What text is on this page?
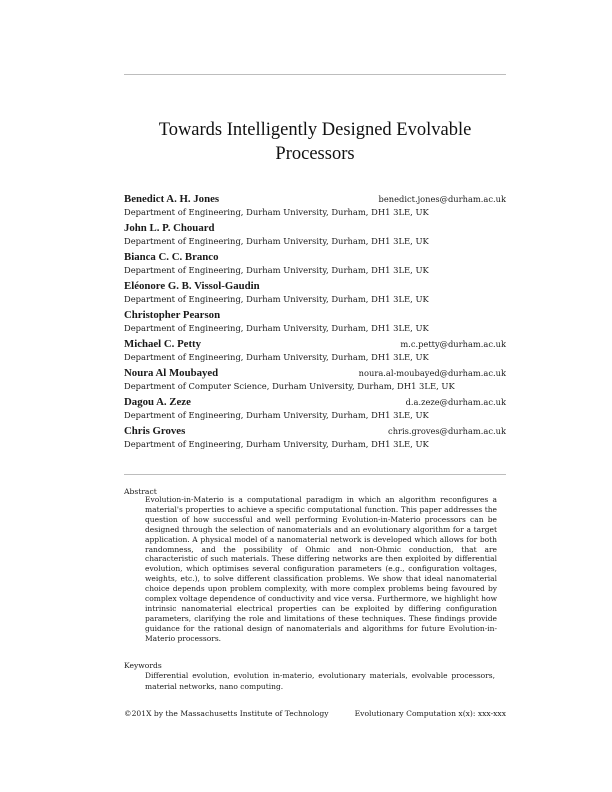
Towards Intelligently Designed Evolvable Processors
Benedict A. H. Jones	benedict.jones@durham.ac.uk
Department of Engineering, Durham University, Durham, DH1 3LE, UK
John L. P. Chouard
Department of Engineering, Durham University, Durham, DH1 3LE, UK
Bianca C. C. Branco
Department of Engineering, Durham University, Durham, DH1 3LE, UK
Eléonore G. B. Vissol-Gaudin
Department of Engineering, Durham University, Durham, DH1 3LE, UK
Christopher Pearson
Department of Engineering, Durham University, Durham, DH1 3LE, UK
Michael C. Petty	m.c.petty@durham.ac.uk
Department of Engineering, Durham University, Durham, DH1 3LE, UK
Noura Al Moubayed	noura.al-moubayed@durham.ac.uk
Department of Computer Science, Durham University, Durham, DH1 3LE, UK
Dagou A. Zeze	d.a.zeze@durham.ac.uk
Department of Engineering, Durham University, Durham, DH1 3LE, UK
Chris Groves	chris.groves@durham.ac.uk
Department of Engineering, Durham University, Durham, DH1 3LE, UK
Abstract
Evolution-in-Materio is a computational paradigm in which an algorithm reconfigures a material's properties to achieve a specific computational function. This paper addresses the question of how successful and well performing Evolution-in-Materio processors can be designed through the selection of nanomaterials and an evolutionary algorithm for a target application. A physical model of a nanomaterial network is developed which allows for both randomness, and the possibility of Ohmic and non-Ohmic conduction, that are characteristic of such materials. These differing networks are then exploited by differential evolution, which optimises several configuration parameters (e.g., configuration voltages, weights, etc.), to solve different classification problems. We show that ideal nanomaterial choice depends upon problem complexity, with more complex problems being favoured by complex voltage dependence of conductivity and vice versa. Furthermore, we highlight how intrinsic nanomaterial electrical properties can be exploited by differing configuration parameters, clarifying the role and limitations of these techniques. These findings provide guidance for the rational design of nanomaterials and algorithms for future Evolution-in-Materio processors.
Keywords
Differential evolution, evolution in-materio, evolutionary materials, evolvable processors, material networks, nano computing.
©201X by the Massachusetts Institute of Technology	Evolutionary Computation x(x): xxx-xxx
